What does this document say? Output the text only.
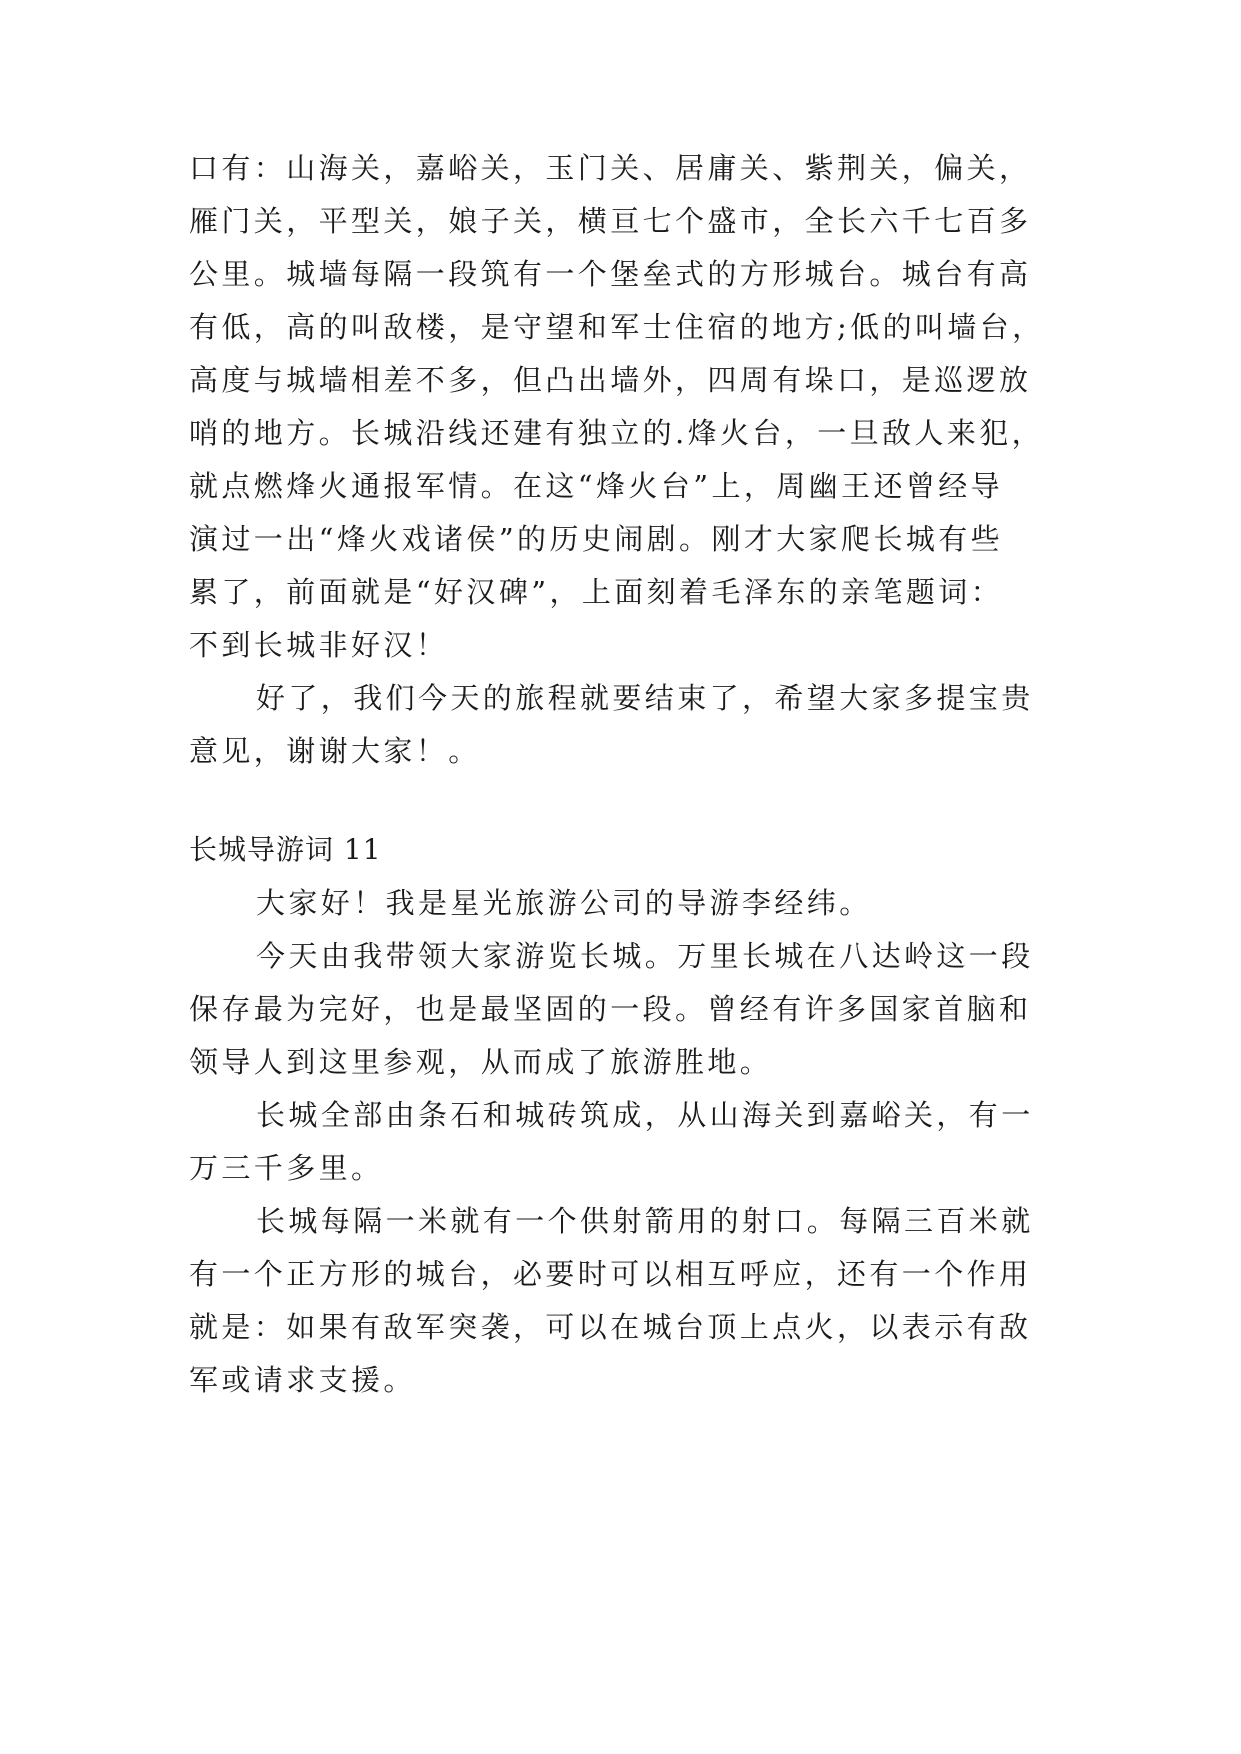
口有：山海关，嘉峪关，玉门关、居庸关、紫荆关，偏关，
雁门关，平型关，娘子关，横亘七个盛市，全长六千七百多
公里。城墙每隔一段筑有一个堡垒式的方形城台。城台有高
有低，高的叫敌楼，是守望和军士住宿的地方;低的叫墙台，
高度与城墙相差不多，但凸出墙外，四周有垛口，是巡逻放
哨的地方。长城沿线还建有独立的.烽火台，一旦敌人来犯，
就点燃烽火通报军情。在这“烽火台”上，周幽王还曾经导
演过一出“烽火戏诸侯”的历史闹剧。刚才大家爬长城有些
累了，前面就是“好汉碑”，上面刻着毛泽东的亲笔题词：
不到长城非好汉！
好了，我们今天的旅程就要结束了，希望大家多提宝贵
意见，谢谢大家！。
长城导游词 11
大家好！我是星光旅游公司的导游李经纬。
今天由我带领大家游览长城。万里长城在八达岭这一段
保存最为完好，也是最坚固的一段。曾经有许多国家首脑和
领导人到这里参观，从而成了旅游胜地。
长城全部由条石和城砖筑成，从山海关到嘉峪关，有一
万三千多里。
长城每隔一米就有一个供射箭用的射口。每隔三百米就
有一个正方形的城台，必要时可以相互呼应，还有一个作用
就是：如果有敌军突袭，可以在城台顶上点火，以表示有敌
军或请求支援。
